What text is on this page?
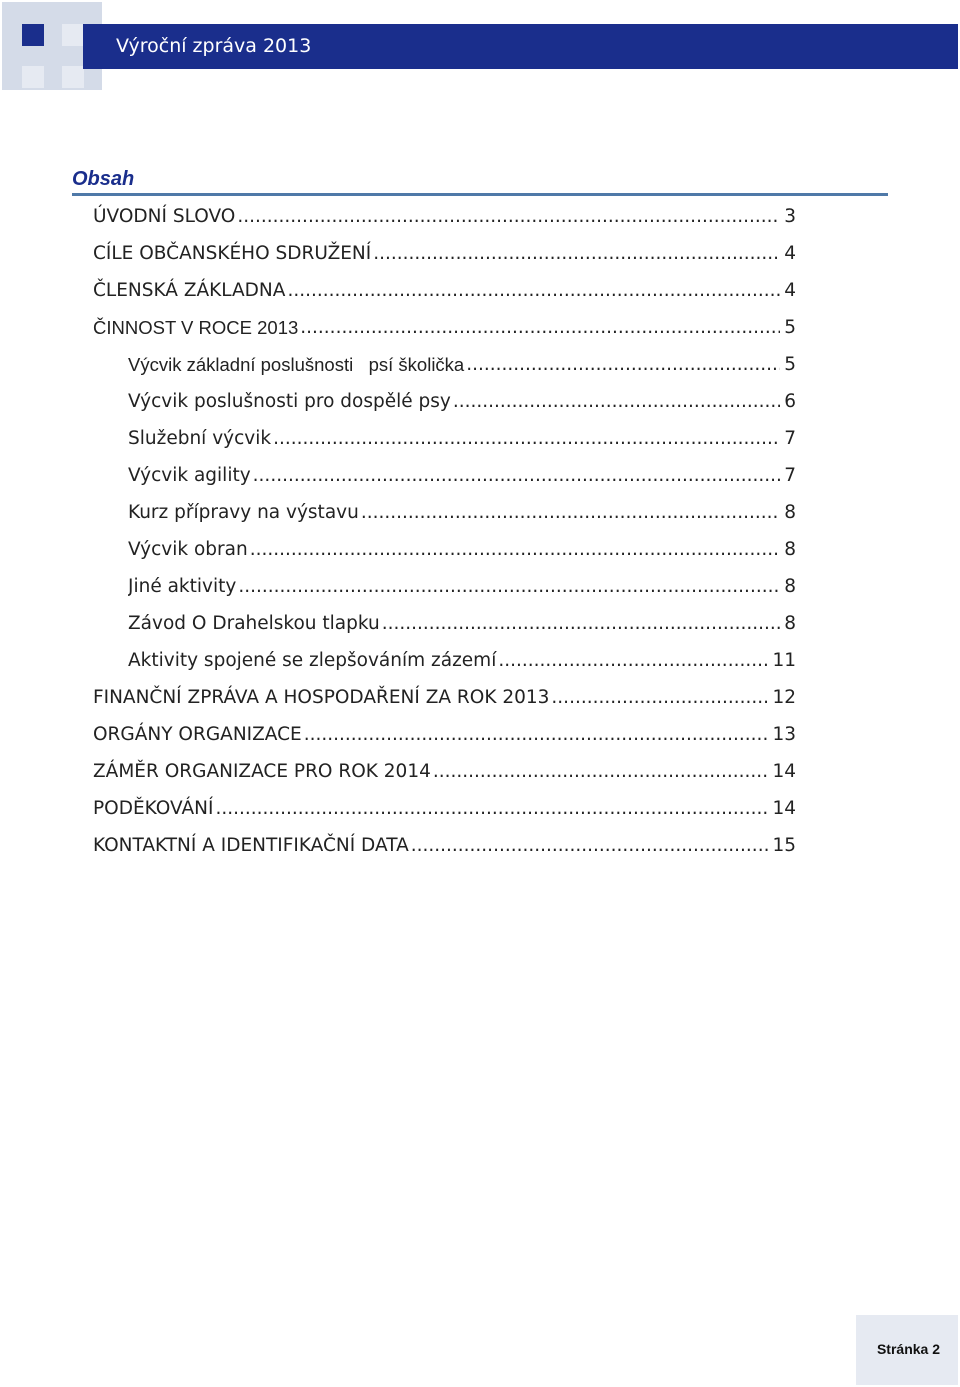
Výroční zpráva 2013
Obsah
ÚVODNÍ SLOVO .....	3
CÍLE OBČANSKÉHO SDRUŽENÍ .....	4
ČLENSKÁ ZÁKLADNA .....	4
ČINNOST V ROCE 2013 .....	5
Výcvik základní poslušnosti   psí školička .....	5
Výcvik poslušnosti pro dospělé psy .....	6
Služební výcvik .....	7
Výcvik agility .....	7
Kurz přípravy na výstavu .....	8
Výcvik obran .....	8
Jiné aktivity .....	8
Závod O Drahelskou tlapku .....	8
Aktivity spojené se zlepšováním zázemí .....	11
FINANČNÍ ZPRÁVA A HOSPODAŘENÍ ZA ROK 2013 .....	12
ORGÁNY ORGANIZACE .....	13
ZÁMĚR ORGANIZACE PRO ROK 2014 .....	14
PODĚKOVÁNÍ .....	14
KONTAKTNÍ A IDENTIFIKAČNÍ DATA .....	15
Stránka 2
